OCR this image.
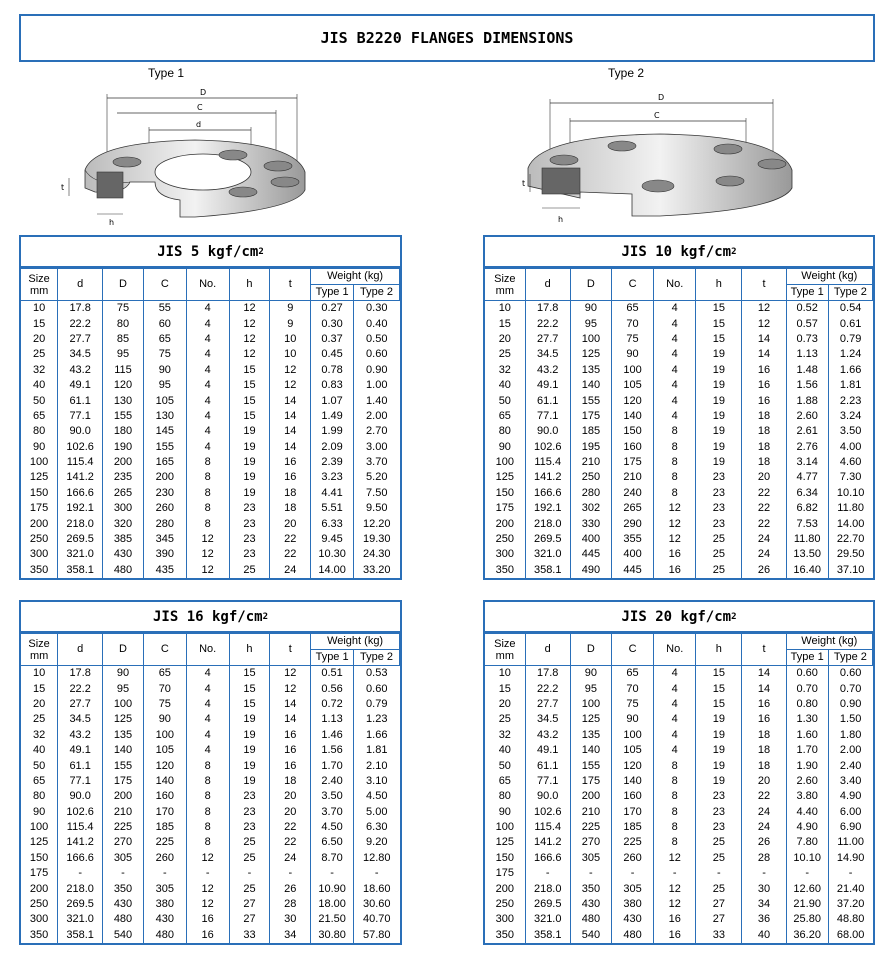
JIS B2220 FLANGES DIMENSIONS
Type 1	Type 2
D
C
d
t
h
D
C
t
h
JIS 5 kgf/cm 2
Size
mm	d	D	C	No.	h	t	Weight (kg)	
							Type 1	Type 2
10	17.8	75	55	4	12	9	0.27	0.30
15	22.2	80	60	4	12	9	0.30	0.40
20	27.7	85	65	4	12	10	0.37	0.50
25	34.5	95	75	4	12	10	0.45	0.60
32	43.2	115	90	4	15	12	0.78	0.90
40	49.1	120	95	4	15	12	0.83	1.00
50	61.1	130	105	4	15	14	1.07	1.40
65	77.1	155	130	4	15	14	1.49	2.00
80	90.0	180	145	4	19	14	1.99	2.70
90	102.6	190	155	4	19	14	2.09	3.00
100	115.4	200	165	8	19	16	2.39	3.70
125	141.2	235	200	8	19	16	3.23	5.20
150	166.6	265	230	8	19	18	4.41	7.50
175	192.1	300	260	8	23	18	5.51	9.50
200	218.0	320	280	8	23	20	6.33	12.20
250	269.5	385	345	12	23	22	9.45	19.30
300	321.0	430	390	12	23	22	10.30	24.30
350	358.1	480	435	12	25	24	14.00	33.20
JIS 10 kgf/cm 2
Size
mm	d	D	C	No.	h	t	Weight (kg)	
							Type 1	Type 2
10	17.8	90	65	4	15	12	0.52	0.54
15	22.2	95	70	4	15	12	0.57	0.61
20	27.7	100	75	4	15	14	0.73	0.79
25	34.5	125	90	4	19	14	1.13	1.24
32	43.2	135	100	4	19	16	1.48	1.66
40	49.1	140	105	4	19	16	1.56	1.81
50	61.1	155	120	4	19	16	1.88	2.23
65	77.1	175	140	4	19	18	2.60	3.24
80	90.0	185	150	8	19	18	2.61	3.50
90	102.6	195	160	8	19	18	2.76	4.00
100	115.4	210	175	8	19	18	3.14	4.60
125	141.2	250	210	8	23	20	4.77	7.30
150	166.6	280	240	8	23	22	6.34	10.10
175	192.1	302	265	12	23	22	6.82	11.80
200	218.0	330	290	12	23	22	7.53	14.00
250	269.5	400	355	12	25	24	11.80	22.70
300	321.0	445	400	16	25	24	13.50	29.50
350	358.1	490	445	16	25	26	16.40	37.10
JIS 16 kgf/cm 2
Size
mm	d	D	C	No.	h	t	Weight (kg)	
							Type 1	Type 2
10	17.8	90	65	4	15	12	0.51	0.53
15	22.2	95	70	4	15	12	0.56	0.60
20	27.7	100	75	4	15	14	0.72	0.79
25	34.5	125	90	4	19	14	1.13	1.23
32	43.2	135	100	4	19	16	1.46	1.66
40	49.1	140	105	4	19	16	1.56	1.81
50	61.1	155	120	8	19	16	1.70	2.10
65	77.1	175	140	8	19	18	2.40	3.10
80	90.0	200	160	8	23	20	3.50	4.50
90	102.6	210	170	8	23	20	3.70	5.00
100	115.4	225	185	8	23	22	4.50	6.30
125	141.2	270	225	8	25	22	6.50	9.20
150	166.6	305	260	12	25	24	8.70	12.80
175	-	-	-	-	-	-	-	-
200	218.0	350	305	12	25	26	10.90	18.60
250	269.5	430	380	12	27	28	18.00	30.60
300	321.0	480	430	16	27	30	21.50	40.70
350	358.1	540	480	16	33	34	30.80	57.80
JIS 20 kgf/cm 2
Size
mm	d	D	C	No.	h	t	Weight (kg)	
							Type 1	Type 2
10	17.8	90	65	4	15	14	0.60	0.60
15	22.2	95	70	4	15	14	0.70	0.70
20	27.7	100	75	4	15	16	0.80	0.90
25	34.5	125	90	4	19	16	1.30	1.50
32	43.2	135	100	4	19	18	1.60	1.80
40	49.1	140	105	4	19	18	1.70	2.00
50	61.1	155	120	8	19	18	1.90	2.40
65	77.1	175	140	8	19	20	2.60	3.40
80	90.0	200	160	8	23	22	3.80	4.90
90	102.6	210	170	8	23	24	4.40	6.00
100	115.4	225	185	8	23	24	4.90	6.90
125	141.2	270	225	8	25	26	7.80	11.00
150	166.6	305	260	12	25	28	10.10	14.90
175	-	-	-	-	-	-	-	-
200	218.0	350	305	12	25	30	12.60	21.40
250	269.5	430	380	12	27	34	21.90	37.20
300	321.0	480	430	16	27	36	25.80	48.80
350	358.1	540	480	16	33	40	36.20	68.00
